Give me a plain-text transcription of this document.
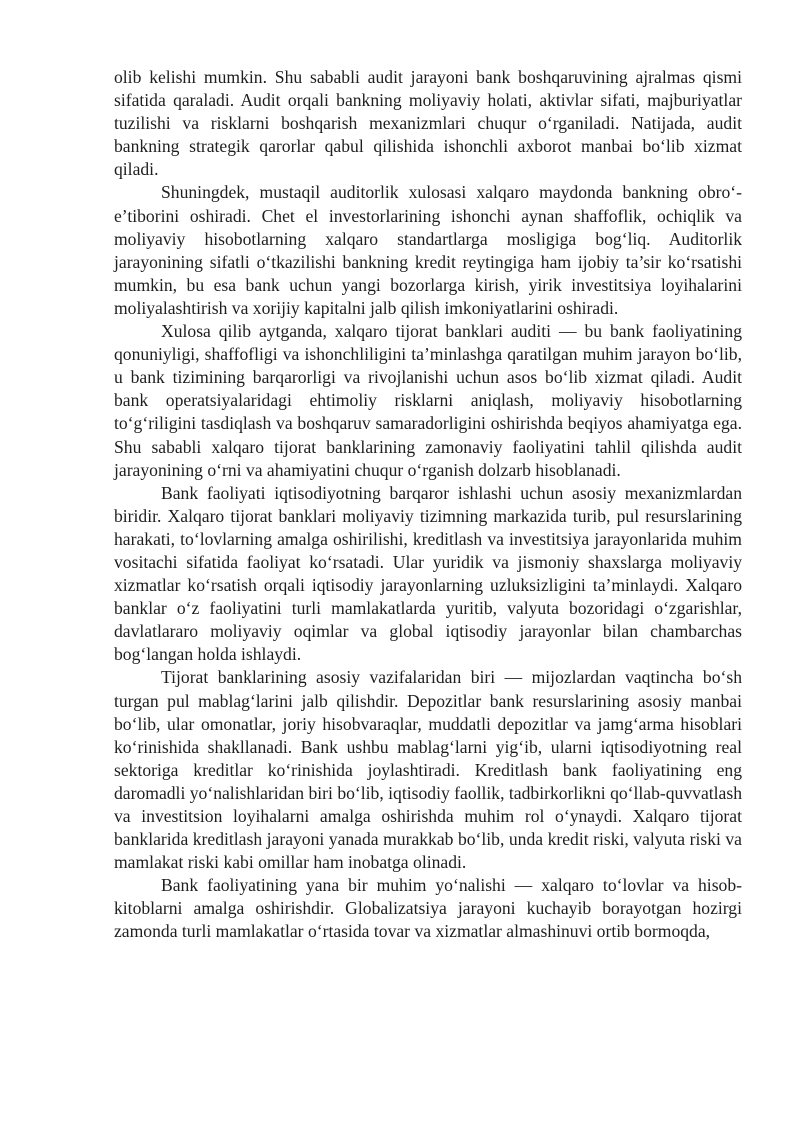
olib kelishi mumkin. Shu sababli audit jarayoni bank boshqaruvining ajralmas qismi sifatida qaraladi. Audit orqali bankning moliyaviy holati, aktivlar sifati, majburiyatlar tuzilishi va risklarni boshqarish mexanizmlari chuqur o‘rganiladi. Natijada, audit bankning strategik qarorlar qabul qilishida ishonchli axborot manbai bo‘lib xizmat qiladi.

Shuningdek, mustaqil auditorlik xulosasi xalqaro maydonda bankning obro‘-e’tiborini oshiradi. Chet el investorlarining ishonchi aynan shaffoflik, ochiqlik va moliyaviy hisobotlarning xalqaro standartlarga mosligiga bog‘liq. Auditorlik jarayonining sifatli o‘tkazilishi bankning kredit reytingiga ham ijobiy ta’sir ko‘rsatishi mumkin, bu esa bank uchun yangi bozorlarga kirish, yirik investitsiya loyihalarini moliyalashtirish va xorijiy kapitalni jalb qilish imkoniyatlarini oshiradi.

Xulosa qilib aytganda, xalqaro tijorat banklari auditi — bu bank faoliyatining qonuniyligi, shaffofligi va ishonchliligini ta’minlashga qaratilgan muhim jarayon bo‘lib, u bank tizimining barqarorligi va rivojlanishi uchun asos bo‘lib xizmat qiladi. Audit bank operatsiyalaridagi ehtimoliy risklarni aniqlash, moliyaviy hisobotlarning to‘g‘riligini tasdiqlash va boshqaruv samaradorligini oshirishda beqiyos ahamiyatga ega. Shu sababli xalqaro tijorat banklarining zamonaviy faoliyatini tahlil qilishda audit jarayonining o‘rni va ahamiyatini chuqur o‘rganish dolzarb hisoblanadi.

Bank faoliyati iqtisodiyotning barqaror ishlashi uchun asosiy mexanizmlardan biridir. Xalqaro tijorat banklari moliyaviy tizimning markazida turib, pul resurslarining harakati, to‘lovlarning amalga oshirilishi, kreditlash va investitsiya jarayonlarida muhim vositachi sifatida faoliyat ko‘rsatadi. Ular yuridik va jismoniy shaxslarga moliyaviy xizmatlar ko‘rsatish orqali iqtisodiy jarayonlarning uzluksizligini ta’minlaydi. Xalqaro banklar o‘z faoliyatini turli mamlakatlarda yuritib, valyuta bozoridagi o‘zgarishlar, davlatlararo moliyaviy oqimlar va global iqtisodiy jarayonlar bilan chambarchas bog‘langan holda ishlaydi.

Tijorat banklarining asosiy vazifalaridan biri — mijozlardan vaqtincha bo‘sh turgan pul mablag‘larini jalb qilishdir. Depozitlar bank resurslarining asosiy manbai bo‘lib, ular omonatlar, joriy hisobvaraqlar, muddatli depozitlar va jamg‘arma hisoblari ko‘rinishida shakllanadi. Bank ushbu mablag‘larni yig‘ib, ularni iqtisodiyotning real sektoriga kreditlar ko‘rinishida joylashtiradi. Kreditlash bank faoliyatining eng daromadli yo‘nalishlaridan biri bo‘lib, iqtisodiy faollik, tadbirkorlikni qo‘llab-quvvatlash va investitsion loyihalarni amalga oshirishda muhim rol o‘ynaydi. Xalqaro tijorat banklarida kreditlash jarayoni yanada murakkab bo‘lib, unda kredit riski, valyuta riski va mamlakat riski kabi omillar ham inobatga olinadi.

Bank faoliyatining yana bir muhim yo‘nalishi — xalqaro to‘lovlar va hisob-kitoblarni amalga oshirishdir. Globalizatsiya jarayoni kuchayib borayotgan hozirgi zamonda turli mamlakatlar o‘rtasida tovar va xizmatlar almashinuvi ortib bormoqda,
